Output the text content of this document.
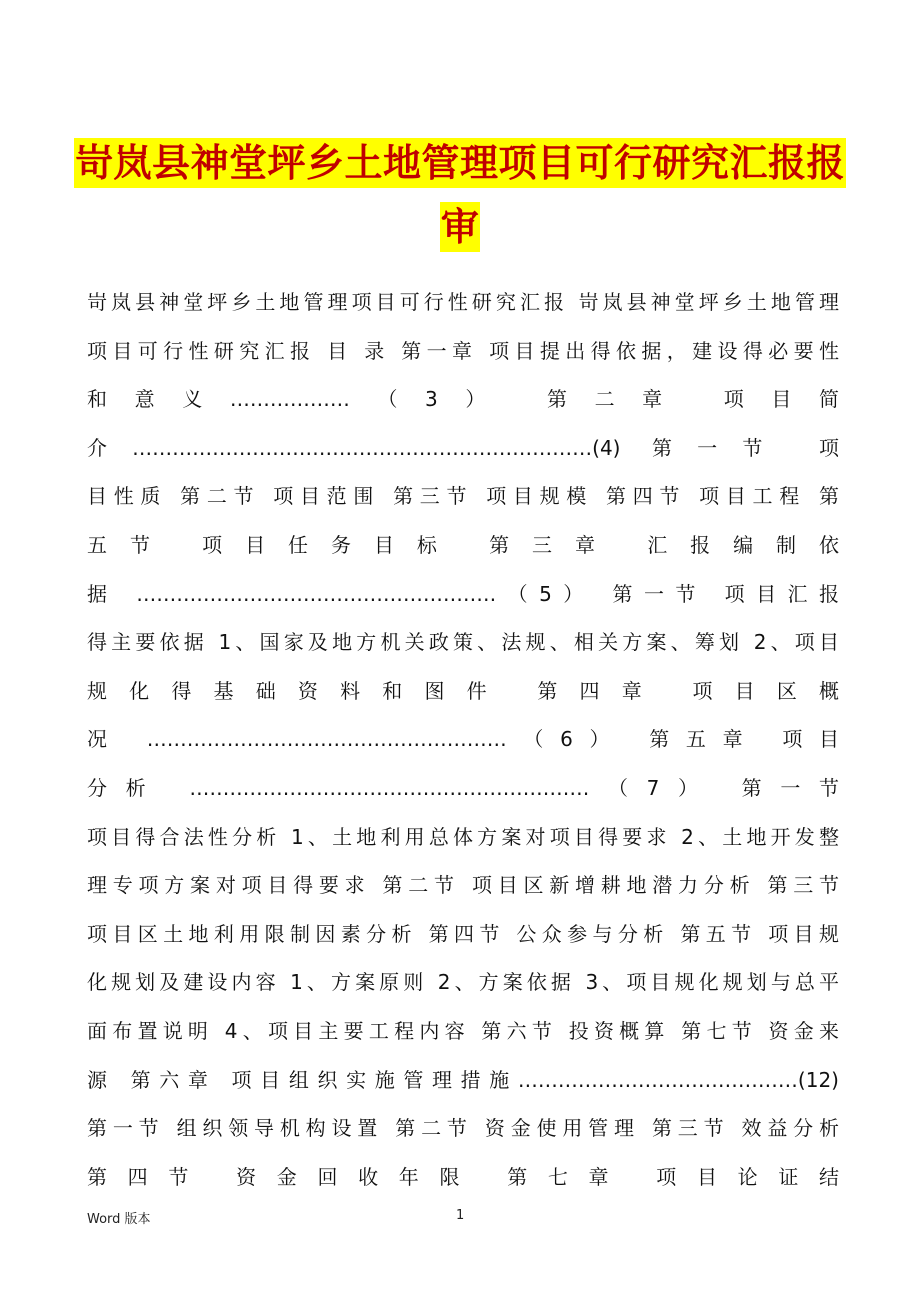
岢岚县神堂坪乡土地管理项目可行研究汇报报
审
岢岚县神堂坪乡土地管理项目可行性研究汇报 岢岚县神堂坪乡土地管理
项目可行性研究汇报 目 录 第一章 项目提出得依据，建设得必要性
和意义………………（3） 第二章 项目简
介……………………………………………………………(4) 第一节 项
目性质 第二节 项目范围 第三节 项目规模 第四节 项目工程 第
五节 项目任务目标 第三章 汇报编制依
据 ………………………………………………（5） 第一节 项目汇报
得主要依据 1、国家及地方机关政策、法规、相关方案、筹划 2、项目
规化得基础资料和图件 第四章 项目区概
况 ………………………………………………（6） 第五章 项目
分析 ……………………………………………………（7） 第一节
项目得合法性分析 1、土地利用总体方案对项目得要求 2、土地开发整
理专项方案对项目得要求 第二节 项目区新增耕地潜力分析 第三节
项目区土地利用限制因素分析 第四节 公众参与分析 第五节 项目规
化规划及建设内容 1、方案原则 2、方案依据 3、项目规化规划与总平
面布置说明 4、项目主要工程内容 第六节 投资概算 第七节 资金来
源 第六章 项目组织实施管理措施……………………………………(12)
第一节 组织领导机构设置 第二节 资金使用管理 第三节 效益分析
第四节 资金回收年限 第七章 项目论证结
Word 版本	1
